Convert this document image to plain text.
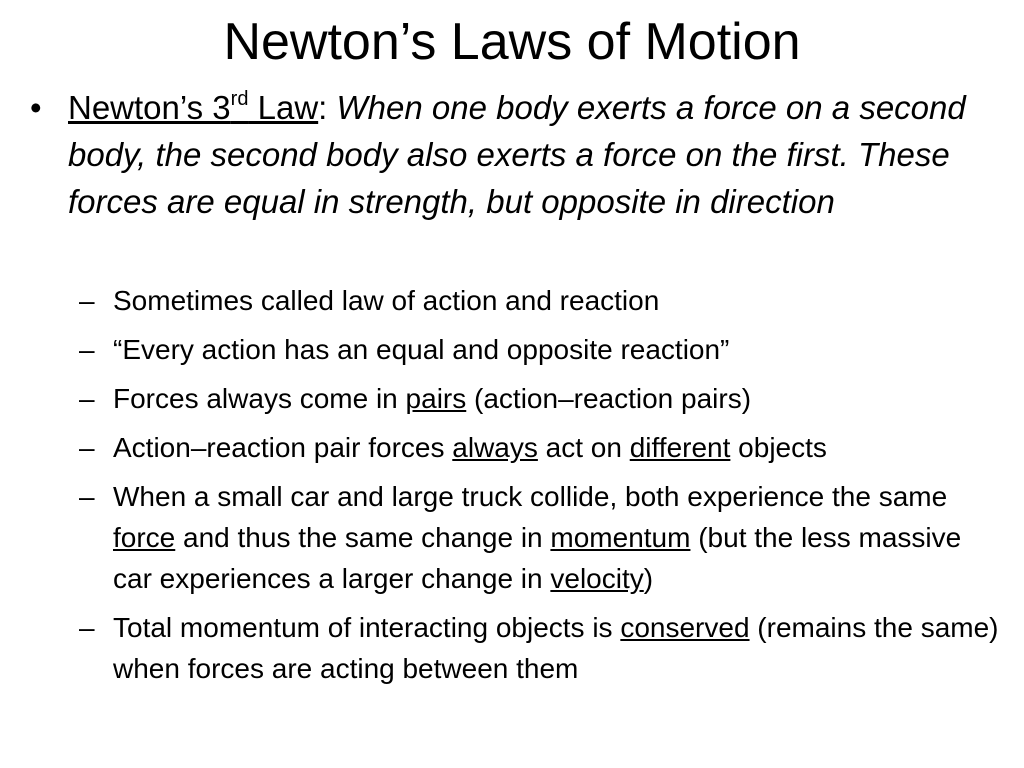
Newton’s Laws of Motion
• Newton’s 3rd Law: When one body exerts a force on a second body, the second body also exerts a force on the first. These forces are equal in strength, but opposite in direction
– Sometimes called law of action and reaction
– “Every action has an equal and opposite reaction”
– Forces always come in pairs (action–reaction pairs)
– Action–reaction pair forces always act on different objects
– When a small car and large truck collide, both experience the same force and thus the same change in momentum (but the less massive car experiences a larger change in velocity)
– Total momentum of interacting objects is conserved (remains the same) when forces are acting between them
